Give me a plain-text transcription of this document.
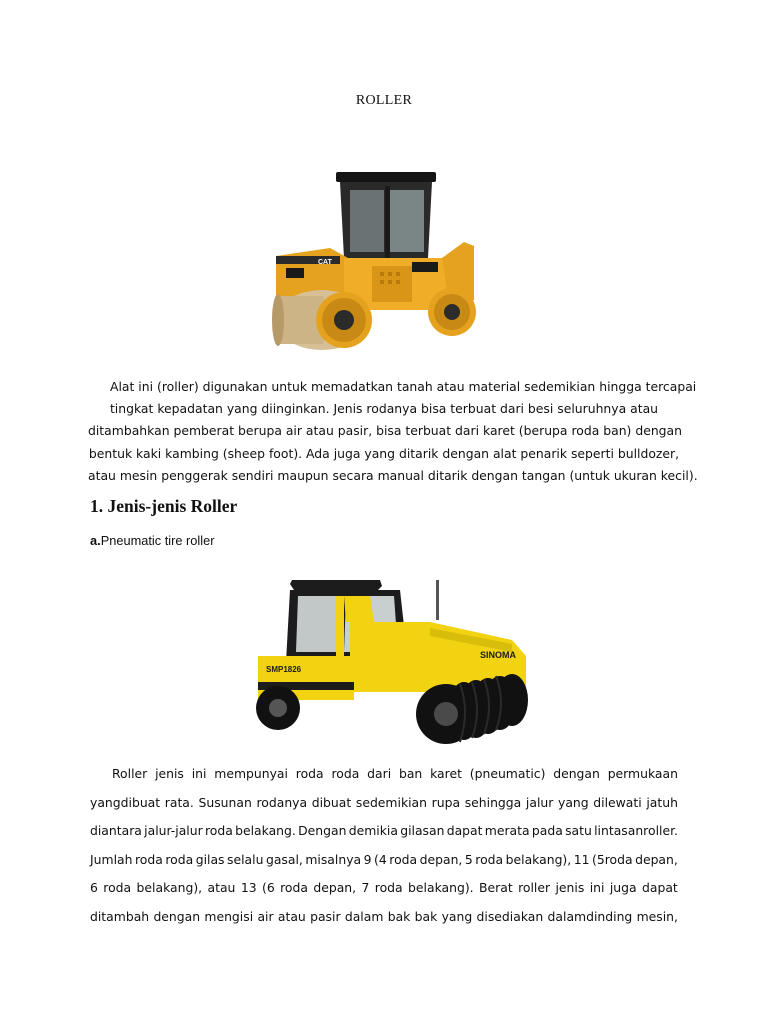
ROLLER
CAT
Alat ini (roller) digunakan untuk memadatkan tanah atau material sedemikian hingga tercapai
tingkat kepadatan yang diinginkan. Jenis rodanya bisa terbuat dari besi seluruhnya atau
ditambahkan pemberat berupa air atau pasir, bisa terbuat dari karet (berupa roda ban) dengan
bentuk kaki kambing (sheep foot). Ada juga yang ditarik dengan alat penarik seperti bulldozer,
atau mesin penggerak sendiri maupun secara manual ditarik dengan tangan (untuk ukuran kecil).
1. Jenis-jenis Roller
a.Pneumatic tire roller
SINOMA
SMP1826
Roller jenis ini mempunyai roda roda dari ban karet (pneumatic) dengan permukaan
yangdibuat rata. Susunan rodanya dibuat sedemikian rupa sehingga jalur yang dilewati jatuh
diantara jalur-jalur roda belakang. Dengan demikia gilasan dapat merata pada satu lintasanroller.
Jumlah roda roda gilas selalu gasal, misalnya 9 (4 roda depan, 5 roda belakang), 11 (5roda depan,
6 roda belakang), atau 13 (6 roda depan, 7 roda belakang). Berat roller jenis ini juga dapat
ditambah dengan mengisi air atau pasir dalam bak bak yang disediakan dalamdinding mesin,
